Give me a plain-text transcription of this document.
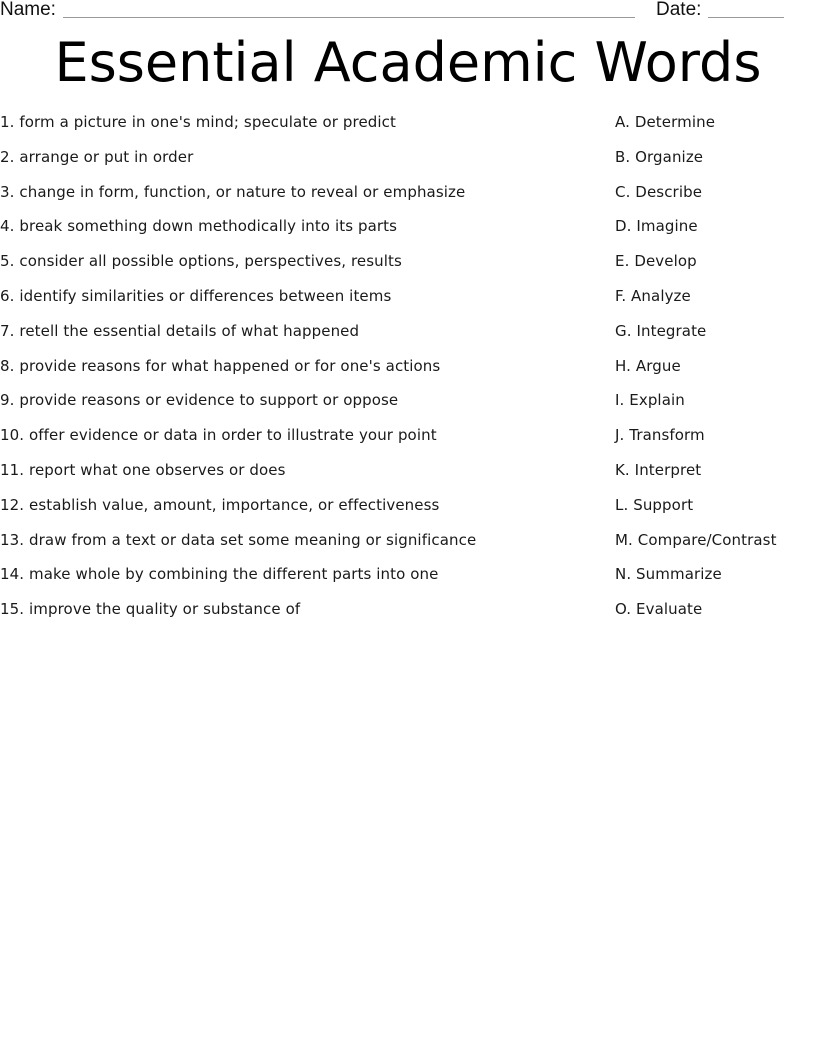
Name:	Date:
Essential Academic Words
1. form a picture in one's mind; speculate or predict
2. arrange or put in order
3. change in form, function, or nature to reveal or emphasize
4. break something down methodically into its parts
5. consider all possible options, perspectives, results
6. identify similarities or differences between items
7. retell the essential details of what happened
8. provide reasons for what happened or for one's actions
9. provide reasons or evidence to support or oppose
10. offer evidence or data in order to illustrate your point
11. report what one observes or does
12. establish value, amount, importance, or effectiveness
13. draw from a text or data set some meaning or significance
14. make whole by combining the different parts into one
15. improve the quality or substance of
A. Determine
B. Organize
C. Describe
D. Imagine
E. Develop
F. Analyze
G. Integrate
H. Argue
I. Explain
J. Transform
K. Interpret
L. Support
M. Compare/Contrast
N. Summarize
O. Evaluate
